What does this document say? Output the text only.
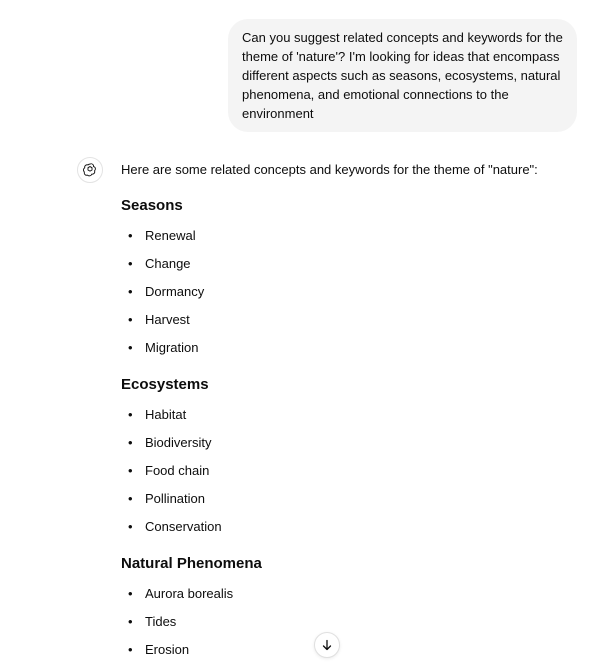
Can you suggest related concepts and keywords for the theme of 'nature'? I'm looking for ideas that encompass different aspects such as seasons, ecosystems, natural phenomena, and emotional connections to the environment

Here are some related concepts and keywords for the theme of "nature":

Seasons
• Renewal
• Change
• Dormancy
• Harvest
• Migration
Ecosystems
• Habitat
• Biodiversity
• Food chain
• Pollination
• Conservation
Natural Phenomena
• Aurora borealis
• Tides
• Erosion
